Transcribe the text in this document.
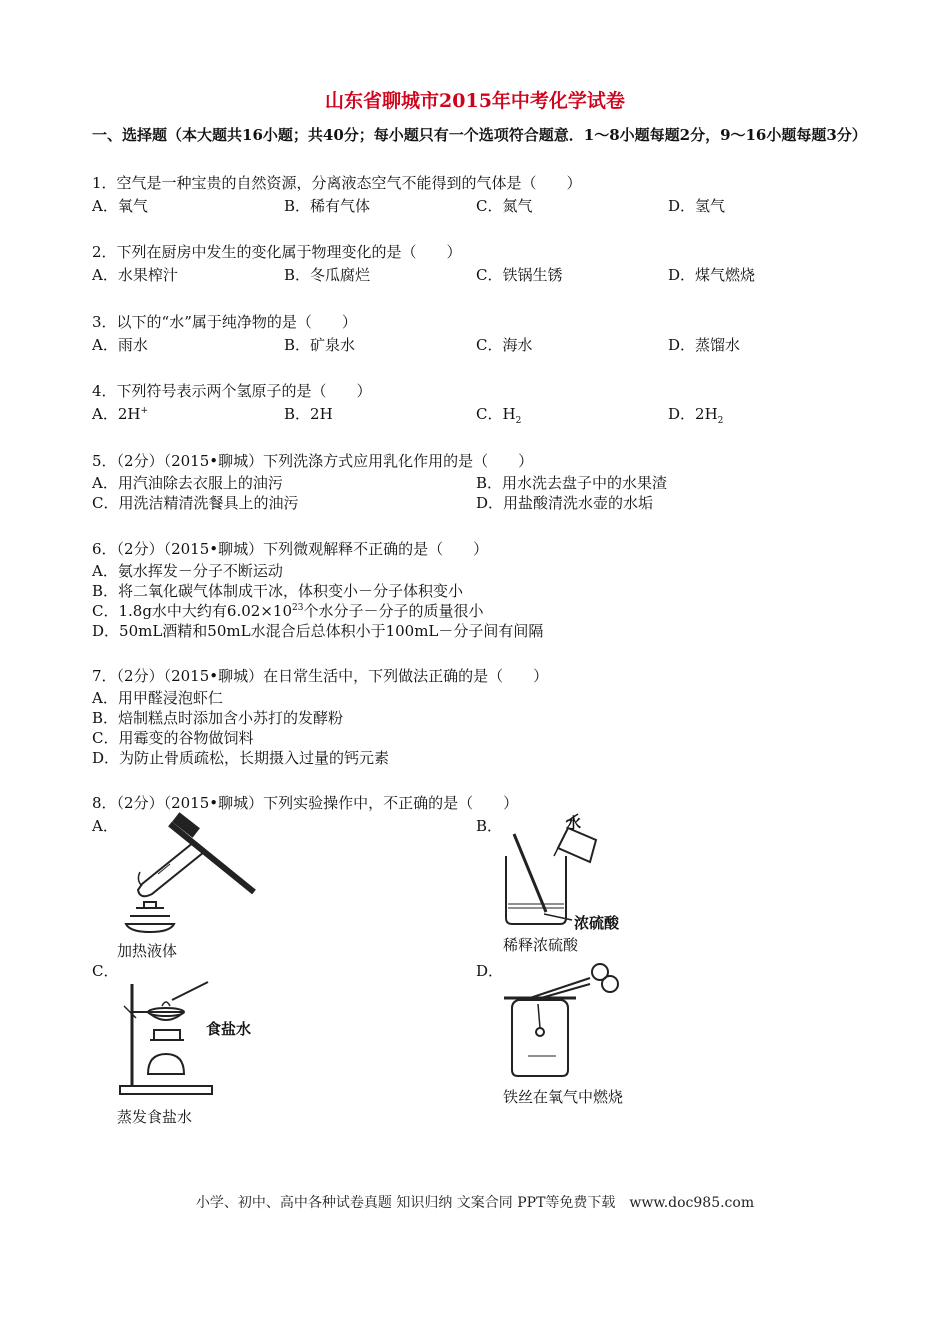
山东省聊城市2015年中考化学试卷
一、选择题（本大题共16小题；共40分；每小题只有一个选项符合题意．1～8小题每题2分，9～16小题每题3分）
1．空气是一种宝贵的自然资源，分离液态空气不能得到的气体是（　　）
A．氧气	B．稀有气体	C．氮气	D．氢气
2．下列在厨房中发生的变化属于物理变化的是（　　）
A．水果榨汁	B．冬瓜腐烂	C．铁锅生锈	D．煤气燃烧
3．以下的“水”属于纯净物的是（　　）
A．雨水	B．矿泉水	C．海水	D．蒸馏水
4．下列符号表示两个氢原子的是（　　）
A．2H+	B．2H	C．$H_2$	D．$2H_2$
5．（2分）（2015•聊城）下列洗涤方式应用乳化作用的是（　　）
A．用汽油除去衣服上的油污	B．用水洗去盘子中的水果渣
C．用洗洁精清洗餐具上的油污	D．用盐酸清洗水壶的水垢
6．（2分）（2015•聊城）下列微观解释不正确的是（　　）
A．氨水挥发－分子不断运动
B．将二氧化碳气体制成干冰，体积变小－分子体积变小
C．1.8g水中大约有$6.02\times 10^{23}$个水分子－分子的质量很小
D．50mL酒精和50mL水混合后总体积小于100mL－分子间有间隔
7．（2分）（2015•聊城）在日常生活中，下列做法正确的是（　　）
A．用甲醛浸泡虾仁
B．焙制糕点时添加含小苏打的发酵粉
C．用霉变的谷物做饲料
D．为防止骨质疏松，长期摄入过量的钙元素
8．（2分）（2015•聊城）下列实验操作中，不正确的是（　　）
A．	B．
C．	D．
加热液体
水
浓硫酸
稀释浓硫酸
食盐水
蒸发食盐水
铁丝在氧气中燃烧
小学、初中、高中各种试卷真题 知识归纳 文案合同 PPT等免费下载　www.doc985.com
